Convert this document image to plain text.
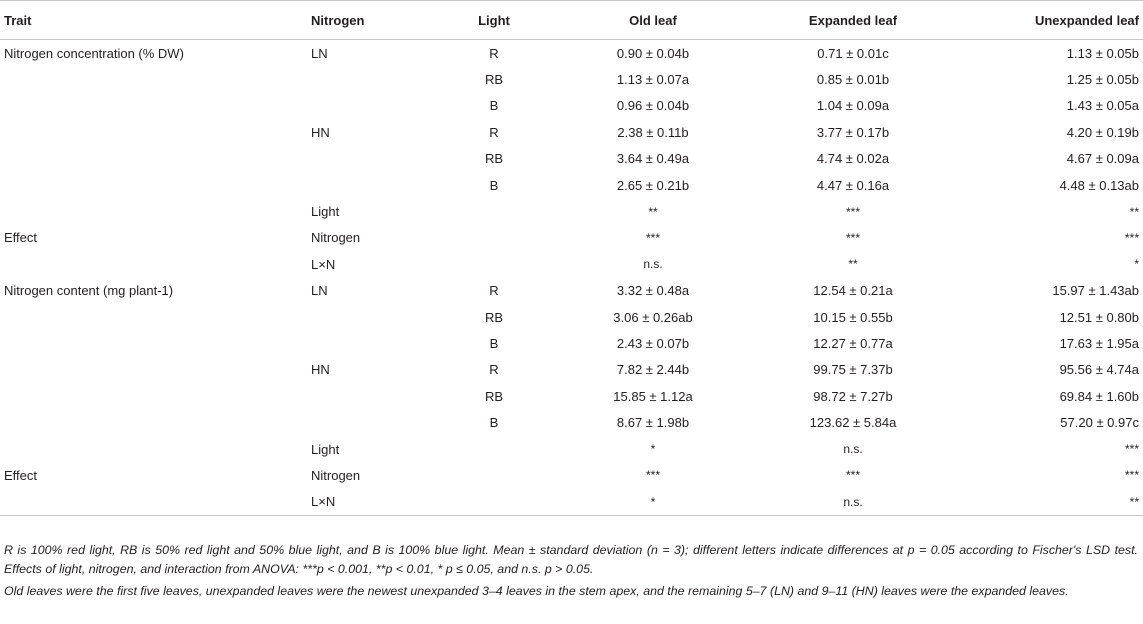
Trait	Nitrogen	Light	Old leaf	Expanded leaf	Unexpanded leaf
Nitrogen concentration (% DW)	LN	R	0.90 ± 0.04b	0.71 ± 0.01c	1.13 ± 0.05b
		RB	1.13 ± 0.07a	0.85 ± 0.01b	1.25 ± 0.05b
		B	0.96 ± 0.04b	1.04 ± 0.09a	1.43 ± 0.05a
	HN	R	2.38 ± 0.11b	3.77 ± 0.17b	4.20 ± 0.19b
		RB	3.64 ± 0.49a	4.74 ± 0.02a	4.67 ± 0.09a
		B	2.65 ± 0.21b	4.47 ± 0.16a	4.48 ± 0.13ab
	Light		**	***	**
Effect	Nitrogen		***	***	***
	L×N		n.s.	**	*
Nitrogen content (mg plant-1)	LN	R	3.32 ± 0.48a	12.54 ± 0.21a	15.97 ± 1.43ab
		RB	3.06 ± 0.26ab	10.15 ± 0.55b	12.51 ± 0.80b
		B	2.43 ± 0.07b	12.27 ± 0.77a	17.63 ± 1.95a
	HN	R	7.82 ± 2.44b	99.75 ± 7.37b	95.56 ± 4.74a
		RB	15.85 ± 1.12a	98.72 ± 7.27b	69.84 ± 1.60b
		B	8.67 ± 1.98b	123.62 ± 5.84a	57.20 ± 0.97c
	Light		*	n.s.	***
Effect	Nitrogen		***	***	***
	L×N		*	n.s.	**

R is 100% red light, RB is 50% red light and 50% blue light, and B is 100% blue light. Mean ± standard deviation (n = 3); different letters indicate differences at p = 0.05 according to Fischer's LSD test. Effects of light, nitrogen, and interaction from ANOVA: ***p < 0.001, **p < 0.01, * p ≤ 0.05, and n.s. p > 0.05.

Old leaves were the first five leaves, unexpanded leaves were the newest unexpanded 3–4 leaves in the stem apex, and the remaining 5–7 (LN) and 9–11 (HN) leaves were the expanded leaves.
